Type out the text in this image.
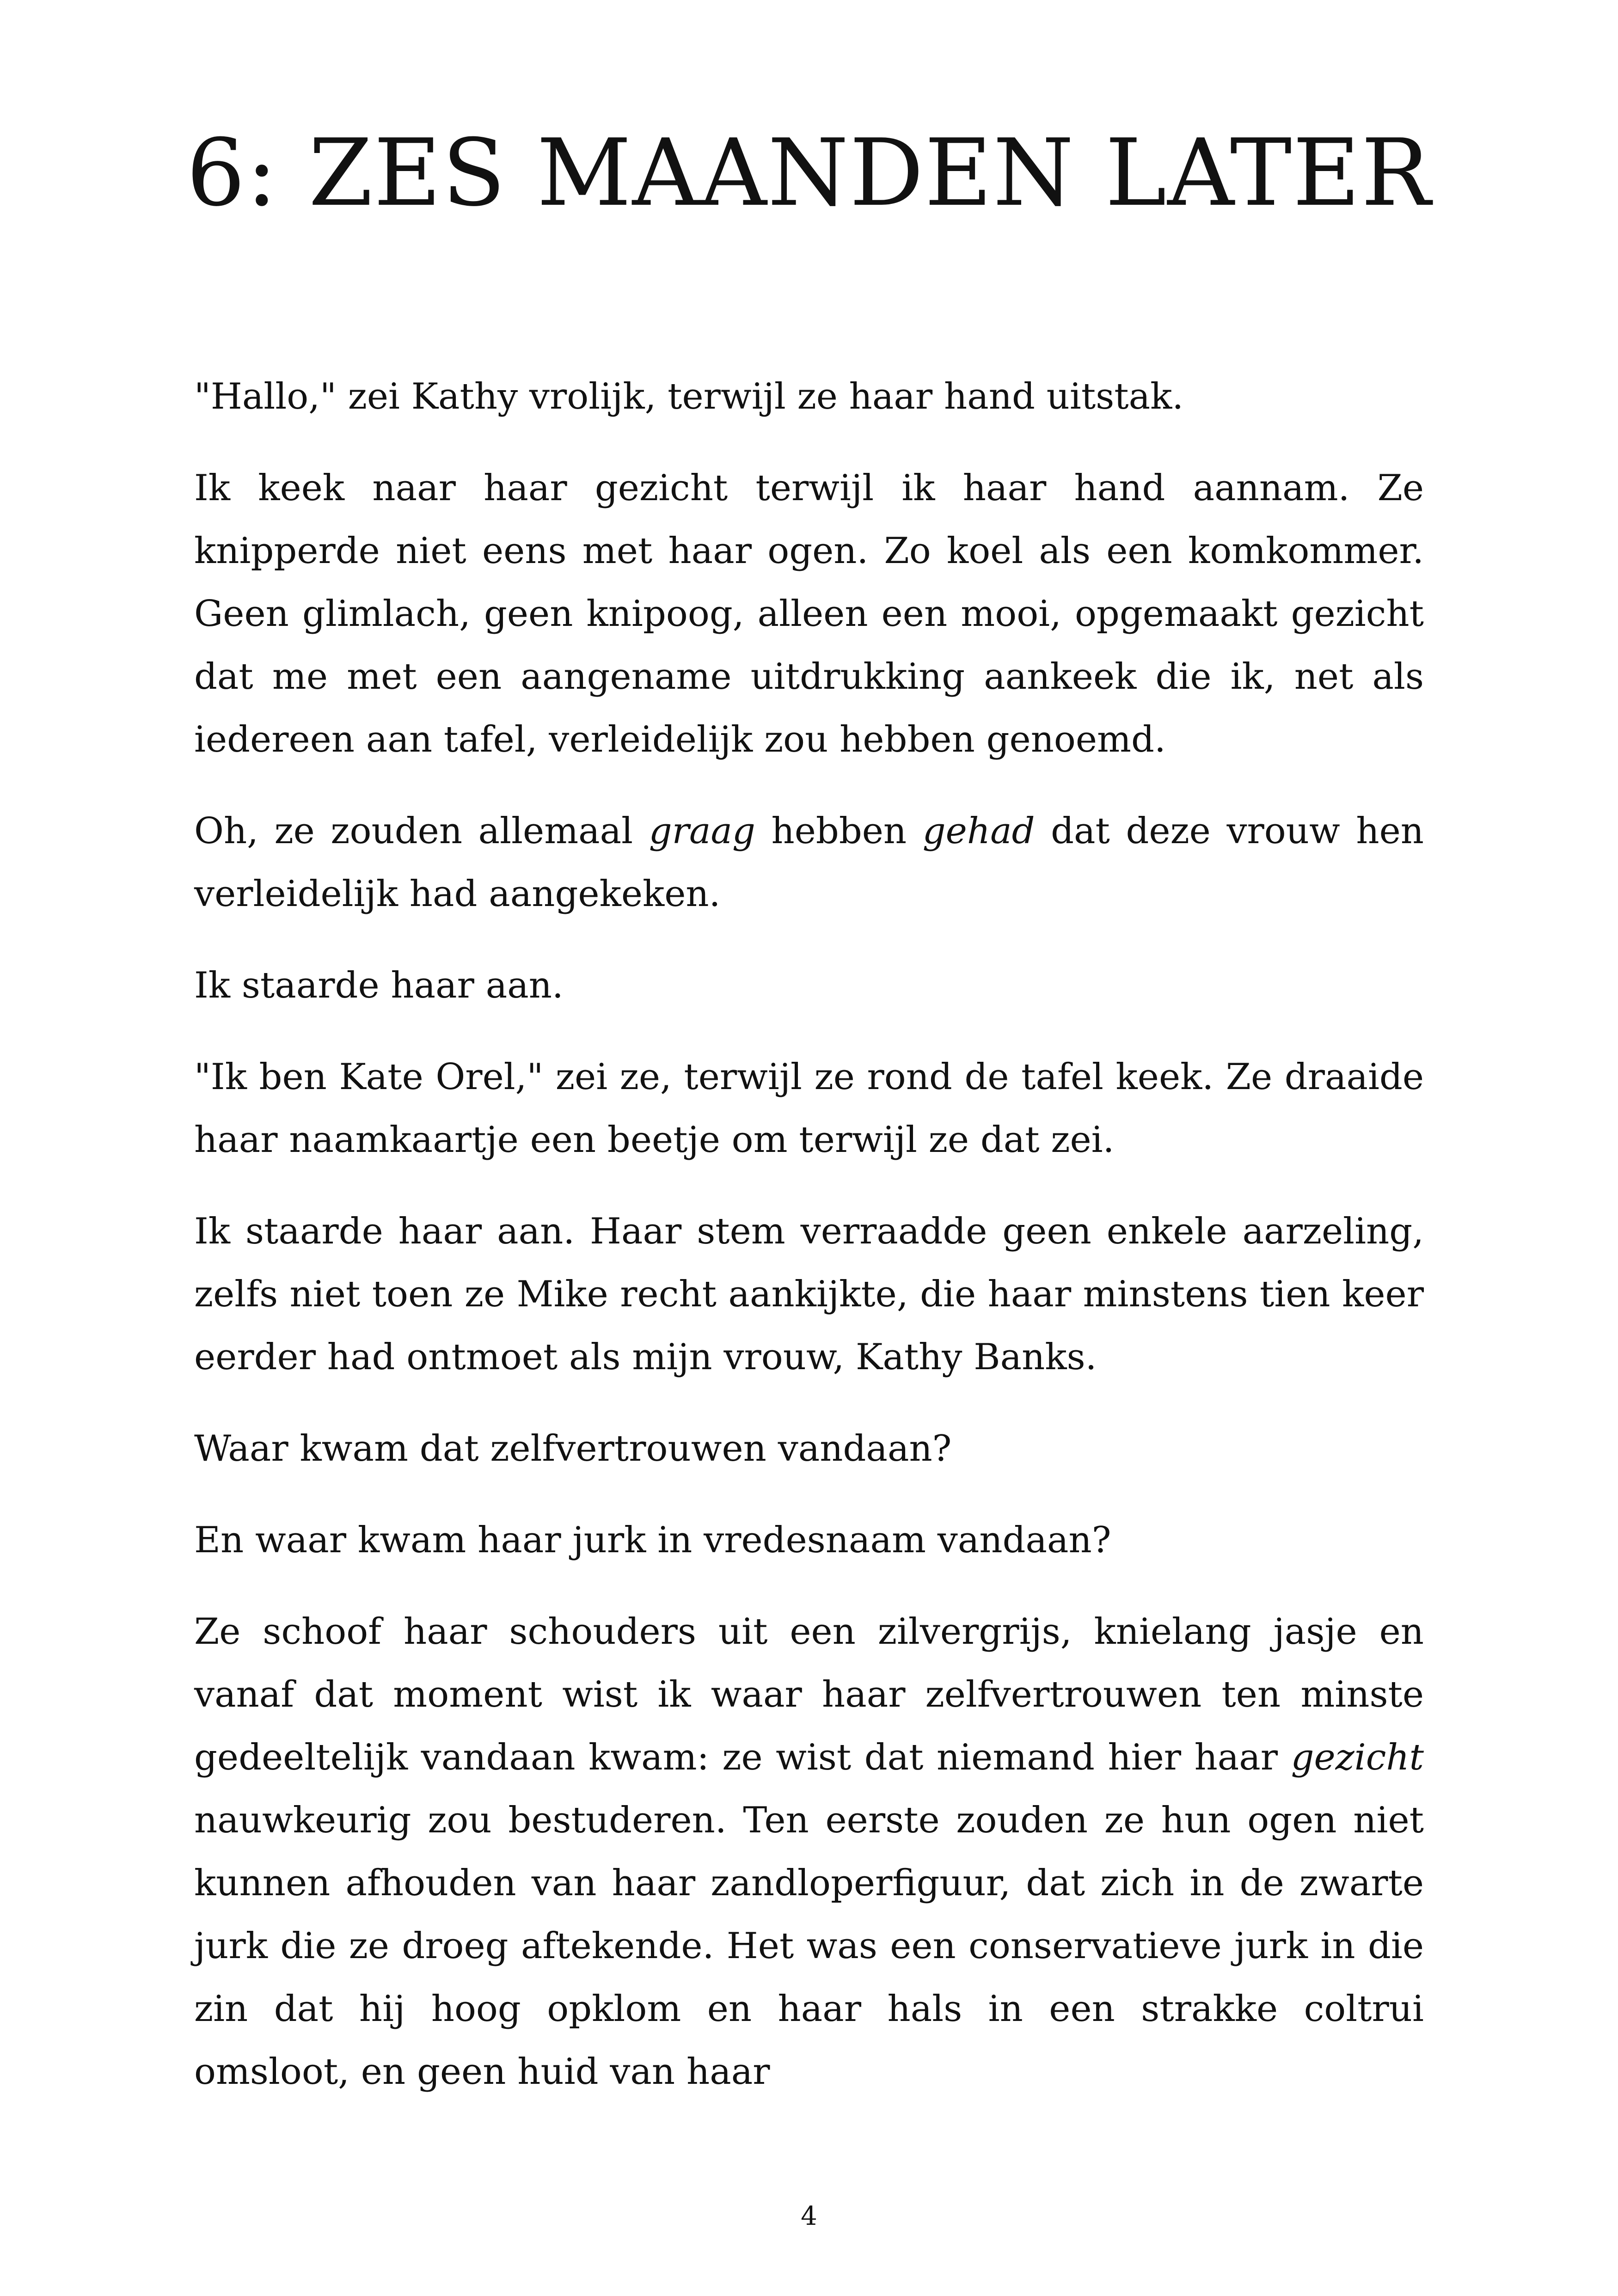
6: ZES MAANDEN LATER

"Hallo," zei Kathy vrolijk, terwijl ze haar hand uitstak.

Ik keek naar haar gezicht terwijl ik haar hand aannam. Ze knipperde niet eens met haar ogen. Zo koel als een komkommer. Geen glimlach, geen knipoog, alleen een mooi, opgemaakt gezicht dat me met een aangename uitdrukking aankeek die ik, net als iedereen aan tafel, verleidelijk zou hebben genoemd.

Oh, ze zouden allemaal graag hebben gehad dat deze vrouw hen verleidelijk had aangekeken.

Ik staarde haar aan.

"Ik ben Kate Orel," zei ze, terwijl ze rond de tafel keek. Ze draaide haar naamkaartje een beetje om terwijl ze dat zei.

Ik staarde haar aan. Haar stem verraadde geen enkele aarzeling, zelfs niet toen ze Mike recht aankijkte, die haar minstens tien keer eerder had ontmoet als mijn vrouw, Kathy Banks.

Waar kwam dat zelfvertrouwen vandaan?

En waar kwam haar jurk in vredesnaam vandaan?

Ze schoof haar schouders uit een zilvergrijs, knielang jasje en vanaf dat moment wist ik waar haar zelfvertrouwen ten minste gedeeltelijk vandaan kwam: ze wist dat niemand hier haar gezicht nauwkeurig zou bestuderen. Ten eerste zouden ze hun ogen niet kunnen afhouden van haar zandloperfiguur, dat zich in de zwarte jurk die ze droeg aftekende. Het was een conservatieve jurk in die zin dat hij hoog opklom en haar hals in een strakke coltrui omsloot, en geen huid van haar

4
